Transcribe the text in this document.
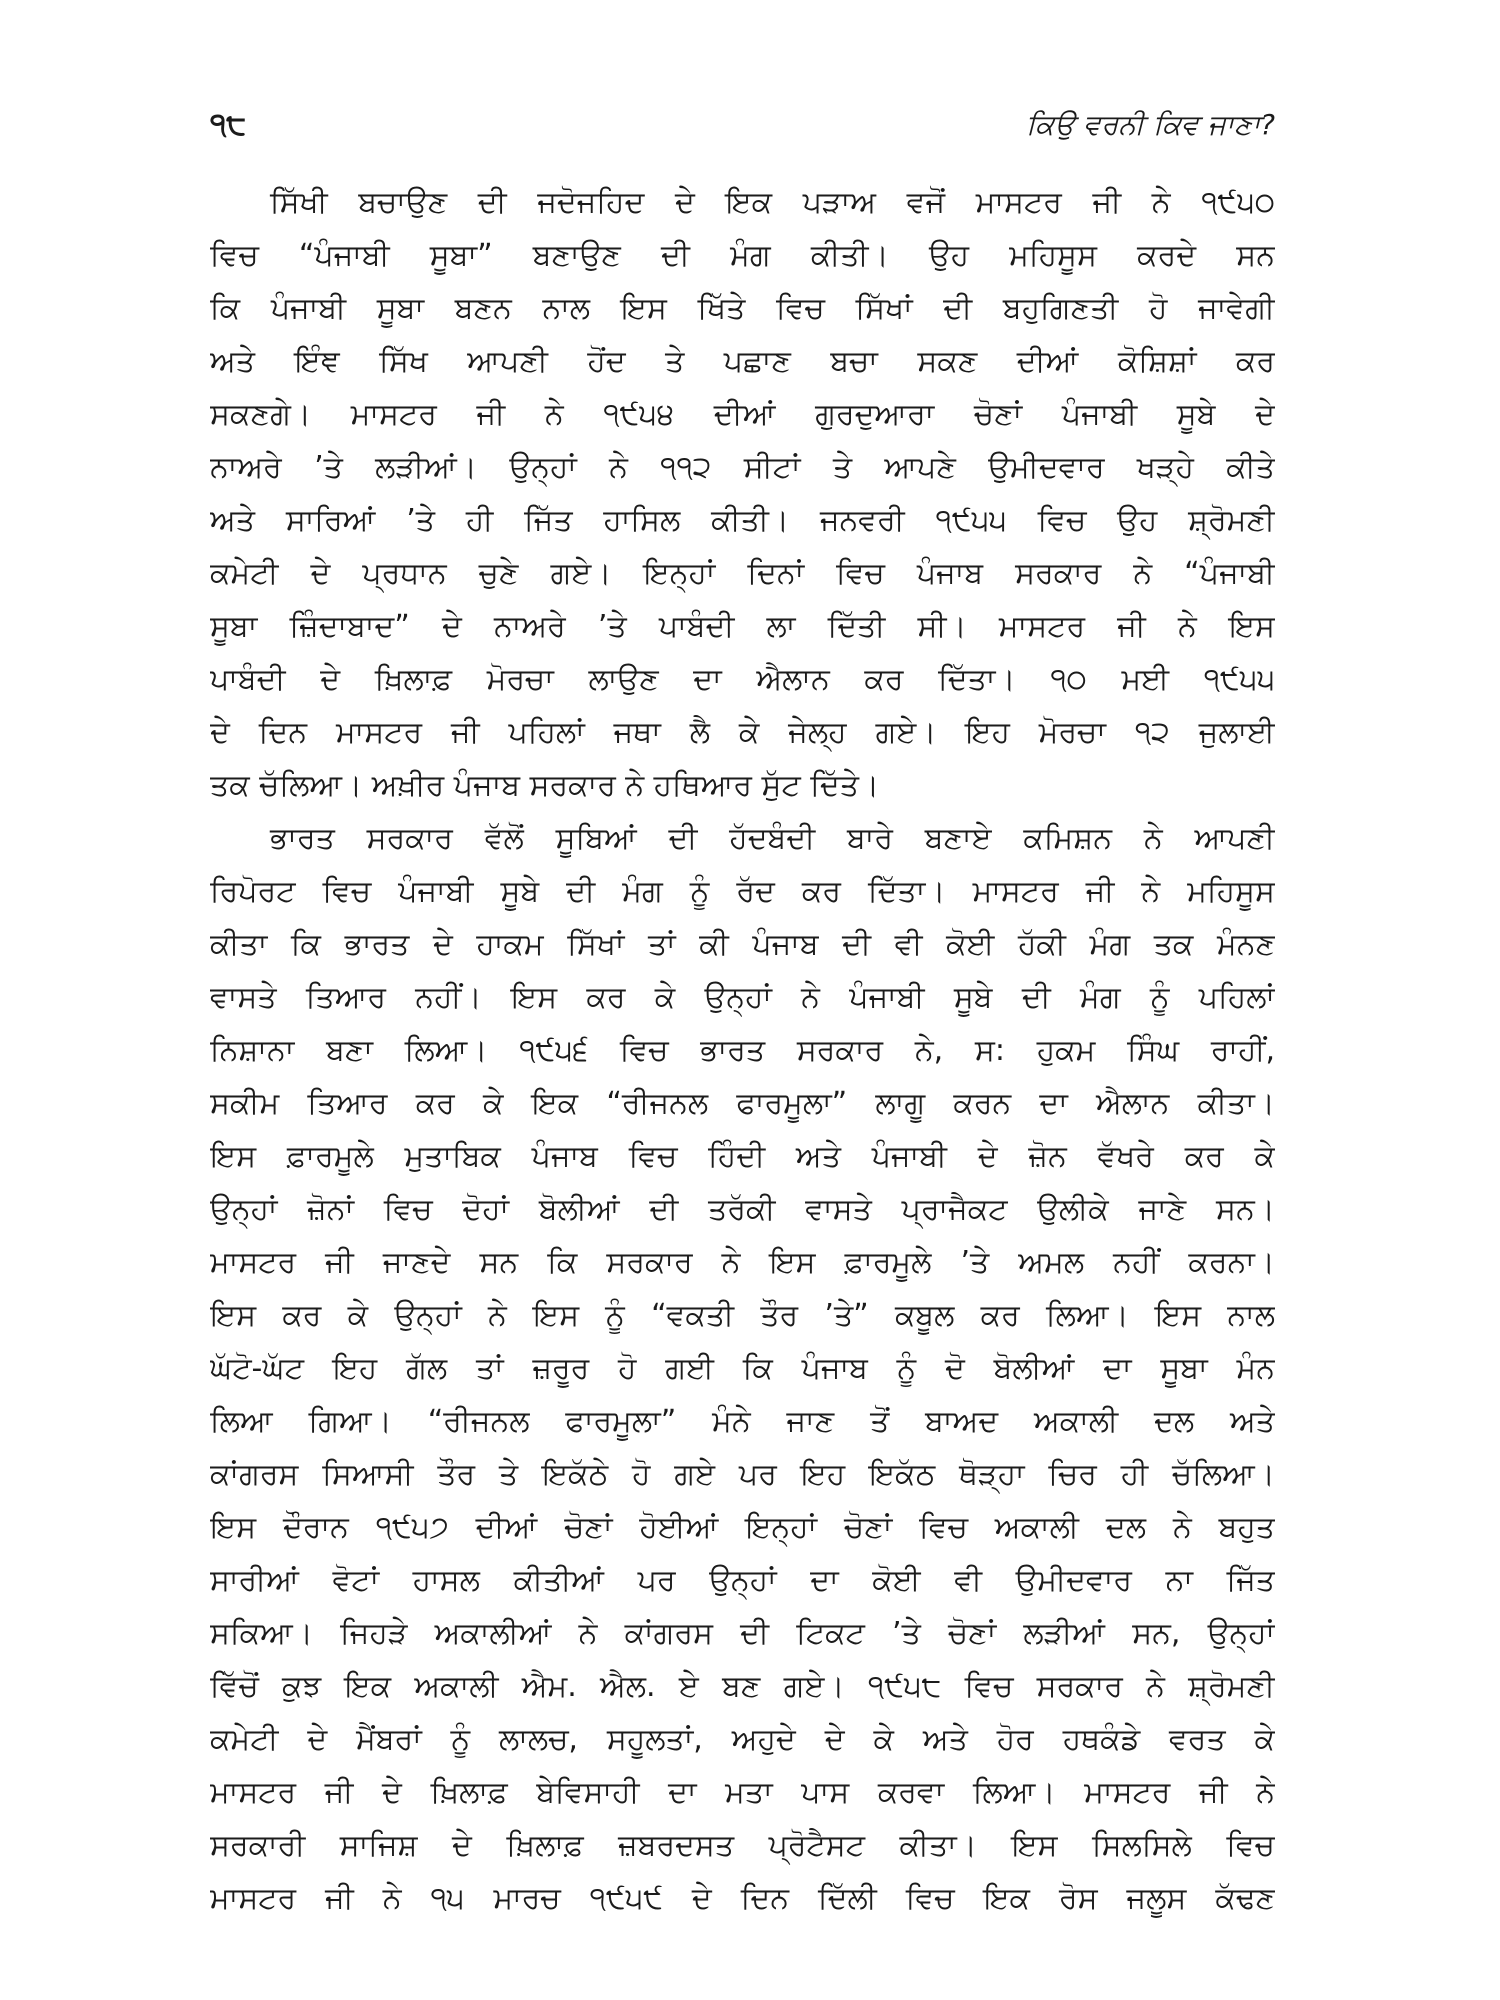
੧੮	ਕਿਉ ਵਰਨੀ ਕਿਵ ਜਾਣਾ?
ਸਿੱਖੀ ਬਚਾਉਣ ਦੀ ਜਦੋਜਹਿਦ ਦੇ ਇਕ ਪੜਾਅ ਵਜੋਂ ਮਾਸਟਰ ਜੀ ਨੇ ੧੯੫੦
ਵਿਚ “ਪੰਜਾਬੀ ਸੂਬਾ” ਬਣਾਉਣ ਦੀ ਮੰਗ ਕੀਤੀ। ਉਹ ਮਹਿਸੂਸ ਕਰਦੇ ਸਨ
ਕਿ ਪੰਜਾਬੀ ਸੂਬਾ ਬਣਨ ਨਾਲ ਇਸ ਖਿੱਤੇ ਵਿਚ ਸਿੱਖਾਂ ਦੀ ਬਹੁਗਿਣਤੀ ਹੋ ਜਾਵੇਗੀ
ਅਤੇ ਇੰਞ ਸਿੱਖ ਆਪਣੀ ਹੋਂਦ ਤੇ ਪਛਾਣ ਬਚਾ ਸਕਣ ਦੀਆਂ ਕੋਸ਼ਿਸ਼ਾਂ ਕਰ
ਸਕਣਗੇ। ਮਾਸਟਰ ਜੀ ਨੇ ੧੯੫੪ ਦੀਆਂ ਗੁਰਦੁਆਰਾ ਚੋਣਾਂ ਪੰਜਾਬੀ ਸੂਬੇ ਦੇ
ਨਾਅਰੇ ’ਤੇ ਲੜੀਆਂ। ਉਨ੍ਹਾਂ ਨੇ ੧੧੨ ਸੀਟਾਂ ਤੇ ਆਪਣੇ ਉਮੀਦਵਾਰ ਖੜ੍ਹੇ ਕੀਤੇ
ਅਤੇ ਸਾਰਿਆਂ ’ਤੇ ਹੀ ਜਿੱਤ ਹਾਸਿਲ ਕੀਤੀ। ਜਨਵਰੀ ੧੯੫੫ ਵਿਚ ਉਹ ਸ਼੍ਰੋਮਣੀ
ਕਮੇਟੀ ਦੇ ਪ੍ਰਧਾਨ ਚੁਣੇ ਗਏ। ਇਨ੍ਹਾਂ ਦਿਨਾਂ ਵਿਚ ਪੰਜਾਬ ਸਰਕਾਰ ਨੇ “ਪੰਜਾਬੀ
ਸੂਬਾ ਜ਼ਿੰਦਾਬਾਦ” ਦੇ ਨਾਅਰੇ ’ਤੇ ਪਾਬੰਦੀ ਲਾ ਦਿੱਤੀ ਸੀ। ਮਾਸਟਰ ਜੀ ਨੇ ਇਸ
ਪਾਬੰਦੀ ਦੇ ਖ਼ਿਲਾਫ਼ ਮੋਰਚਾ ਲਾਉਣ ਦਾ ਐਲਾਨ ਕਰ ਦਿੱਤਾ। ੧੦ ਮਈ ੧੯੫੫
ਦੇ ਦਿਨ ਮਾਸਟਰ ਜੀ ਪਹਿਲਾਂ ਜਥਾ ਲੈ ਕੇ ਜੇਲ੍ਹ ਗਏ। ਇਹ ਮੋਰਚਾ ੧੨ ਜੁਲਾਈ
ਤਕ ਚੱਲਿਆ। ਅਖ਼ੀਰ ਪੰਜਾਬ ਸਰਕਾਰ ਨੇ ਹਥਿਆਰ ਸੁੱਟ ਦਿੱਤੇ।
ਭਾਰਤ ਸਰਕਾਰ ਵੱਲੋਂ ਸੂਬਿਆਂ ਦੀ ਹੱਦਬੰਦੀ ਬਾਰੇ ਬਣਾਏ ਕਮਿਸ਼ਨ ਨੇ ਆਪਣੀ
ਰਿਪੋਰਟ ਵਿਚ ਪੰਜਾਬੀ ਸੂਬੇ ਦੀ ਮੰਗ ਨੂੰ ਰੱਦ ਕਰ ਦਿੱਤਾ। ਮਾਸਟਰ ਜੀ ਨੇ ਮਹਿਸੂਸ
ਕੀਤਾ ਕਿ ਭਾਰਤ ਦੇ ਹਾਕਮ ਸਿੱਖਾਂ ਤਾਂ ਕੀ ਪੰਜਾਬ ਦੀ ਵੀ ਕੋਈ ਹੱਕੀ ਮੰਗ ਤਕ ਮੰਨਣ
ਵਾਸਤੇ ਤਿਆਰ ਨਹੀਂ। ਇਸ ਕਰ ਕੇ ਉਨ੍ਹਾਂ ਨੇ ਪੰਜਾਬੀ ਸੂਬੇ ਦੀ ਮੰਗ ਨੂੰ ਪਹਿਲਾਂ
ਨਿਸ਼ਾਨਾ ਬਣਾ ਲਿਆ। ੧੯੫੬ ਵਿਚ ਭਾਰਤ ਸਰਕਾਰ ਨੇ, ਸ: ਹੁਕਮ ਸਿੰਘ ਰਾਹੀਂ,
ਸਕੀਮ ਤਿਆਰ ਕਰ ਕੇ ਇਕ “ਰੀਜਨਲ ਫਾਰਮੂਲਾ” ਲਾਗੂ ਕਰਨ ਦਾ ਐਲਾਨ ਕੀਤਾ।
ਇਸ ਫ਼ਾਰਮੂਲੇ ਮੁਤਾਬਿਕ ਪੰਜਾਬ ਵਿਚ ਹਿੰਦੀ ਅਤੇ ਪੰਜਾਬੀ ਦੇ ਜ਼ੋਨ ਵੱਖਰੇ ਕਰ ਕੇ
ਉਨ੍ਹਾਂ ਜ਼ੋਨਾਂ ਵਿਚ ਦੋਹਾਂ ਬੋਲੀਆਂ ਦੀ ਤਰੱਕੀ ਵਾਸਤੇ ਪ੍ਰਾਜੈਕਟ ਉਲੀਕੇ ਜਾਣੇ ਸਨ।
ਮਾਸਟਰ ਜੀ ਜਾਣਦੇ ਸਨ ਕਿ ਸਰਕਾਰ ਨੇ ਇਸ ਫ਼ਾਰਮੂਲੇ ’ਤੇ ਅਮਲ ਨਹੀਂ ਕਰਨਾ।
ਇਸ ਕਰ ਕੇ ਉਨ੍ਹਾਂ ਨੇ ਇਸ ਨੂੰ “ਵਕਤੀ ਤੌਰ ’ਤੇ” ਕਬੂਲ ਕਰ ਲਿਆ। ਇਸ ਨਾਲ
ਘੱਟੋ-ਘੱਟ ਇਹ ਗੱਲ ਤਾਂ ਜ਼ਰੂਰ ਹੋ ਗਈ ਕਿ ਪੰਜਾਬ ਨੂੰ ਦੋ ਬੋਲੀਆਂ ਦਾ ਸੂਬਾ ਮੰਨ
ਲਿਆ ਗਿਆ। “ਰੀਜਨਲ ਫਾਰਮੂਲਾ” ਮੰਨੇ ਜਾਣ ਤੋਂ ਬਾਅਦ ਅਕਾਲੀ ਦਲ ਅਤੇ
ਕਾਂਗਰਸ ਸਿਆਸੀ ਤੌਰ ਤੇ ਇਕੱਠੇ ਹੋ ਗਏ ਪਰ ਇਹ ਇਕੱਠ ਥੋੜ੍ਹਾ ਚਿਰ ਹੀ ਚੱਲਿਆ।
ਇਸ ਦੌਰਾਨ ੧੯੫੭ ਦੀਆਂ ਚੋਣਾਂ ਹੋਈਆਂ ਇਨ੍ਹਾਂ ਚੋਣਾਂ ਵਿਚ ਅਕਾਲੀ ਦਲ ਨੇ ਬਹੁਤ
ਸਾਰੀਆਂ ਵੋਟਾਂ ਹਾਸਲ ਕੀਤੀਆਂ ਪਰ ਉਨ੍ਹਾਂ ਦਾ ਕੋਈ ਵੀ ਉਮੀਦਵਾਰ ਨਾ ਜਿੱਤ
ਸਕਿਆ। ਜਿਹੜੇ ਅਕਾਲੀਆਂ ਨੇ ਕਾਂਗਰਸ ਦੀ ਟਿਕਟ ’ਤੇ ਚੋਣਾਂ ਲੜੀਆਂ ਸਨ, ਉਨ੍ਹਾਂ
ਵਿੱਚੋਂ ਕੁਝ ਇਕ ਅਕਾਲੀ ਐਮ. ਐਲ. ਏ ਬਣ ਗਏ। ੧੯੫੮ ਵਿਚ ਸਰਕਾਰ ਨੇ ਸ਼੍ਰੋਮਣੀ
ਕਮੇਟੀ ਦੇ ਮੈਂਬਰਾਂ ਨੂੰ ਲਾਲਚ, ਸਹੂਲਤਾਂ, ਅਹੁਦੇ ਦੇ ਕੇ ਅਤੇ ਹੋਰ ਹਥਕੰਡੇ ਵਰਤ ਕੇ
ਮਾਸਟਰ ਜੀ ਦੇ ਖ਼ਿਲਾਫ਼ ਬੇਵਿਸਾਹੀ ਦਾ ਮਤਾ ਪਾਸ ਕਰਵਾ ਲਿਆ। ਮਾਸਟਰ ਜੀ ਨੇ
ਸਰਕਾਰੀ ਸਾਜਿਸ਼ ਦੇ ਖ਼ਿਲਾਫ਼ ਜ਼ਬਰਦਸਤ ਪ੍ਰੋਟੈਸਟ ਕੀਤਾ। ਇਸ ਸਿਲਸਿਲੇ ਵਿਚ
ਮਾਸਟਰ ਜੀ ਨੇ ੧੫ ਮਾਰਚ ੧੯੫੯ ਦੇ ਦਿਨ ਦਿੱਲੀ ਵਿਚ ਇਕ ਰੋਸ ਜਲੂਸ ਕੱਢਣ
